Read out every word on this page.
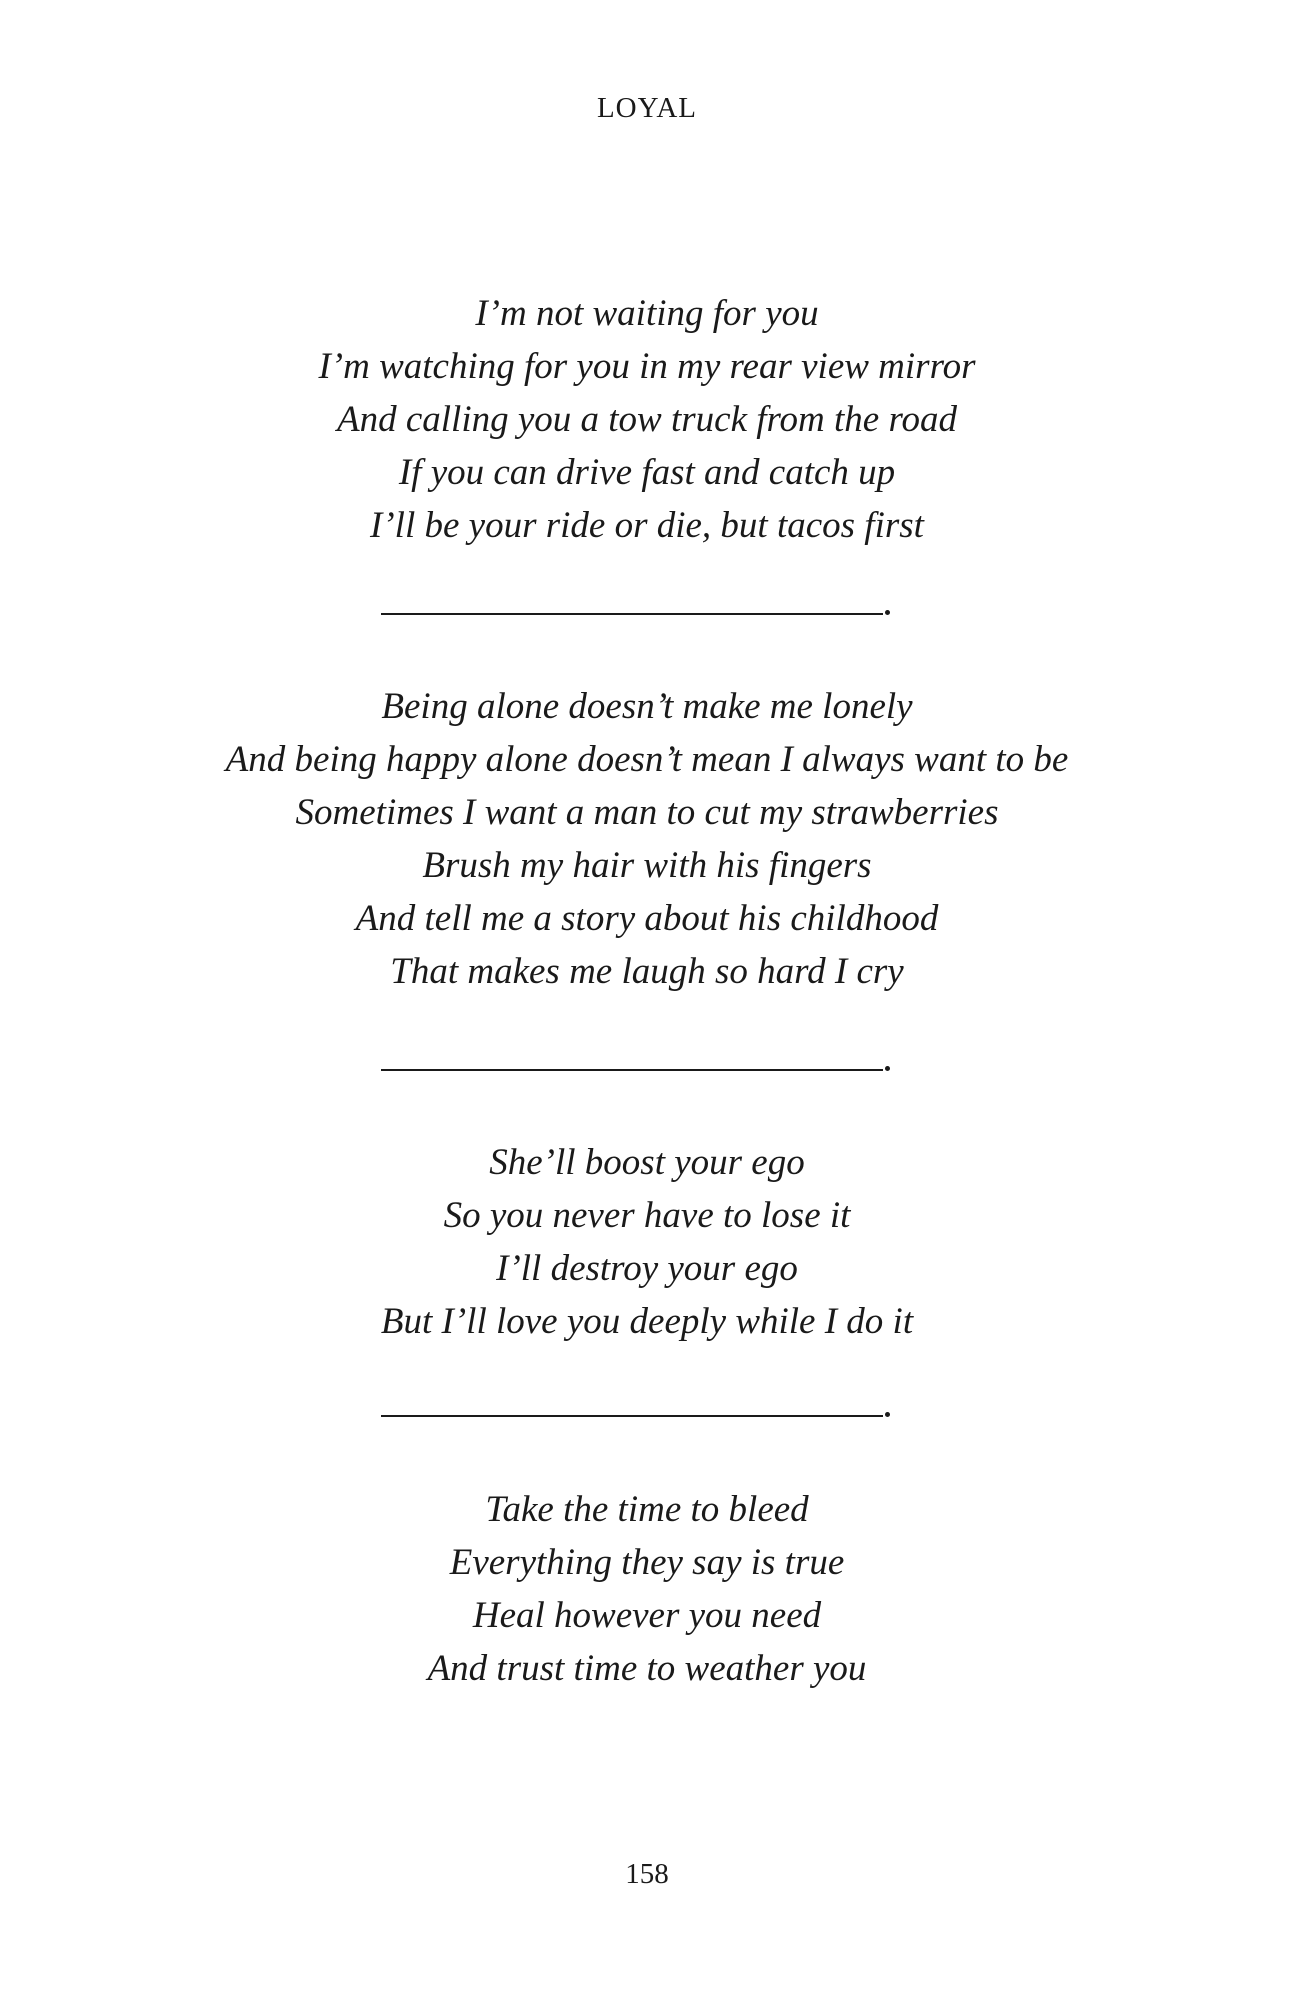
LOYAL
I’m not waiting for you
I’m watching for you in my rear view mirror
And calling you a tow truck from the road
If you can drive fast and catch up
I’ll be your ride or die, but tacos first
Being alone doesn’t make me lonely
And being happy alone doesn’t mean I always want to be
Sometimes I want a man to cut my strawberries
Brush my hair with his fingers
And tell me a story about his childhood
That makes me laugh so hard I cry
She’ll boost your ego
So you never have to lose it
I’ll destroy your ego
But I’ll love you deeply while I do it
Take the time to bleed
Everything they say is true
Heal however you need
And trust time to weather you
158
